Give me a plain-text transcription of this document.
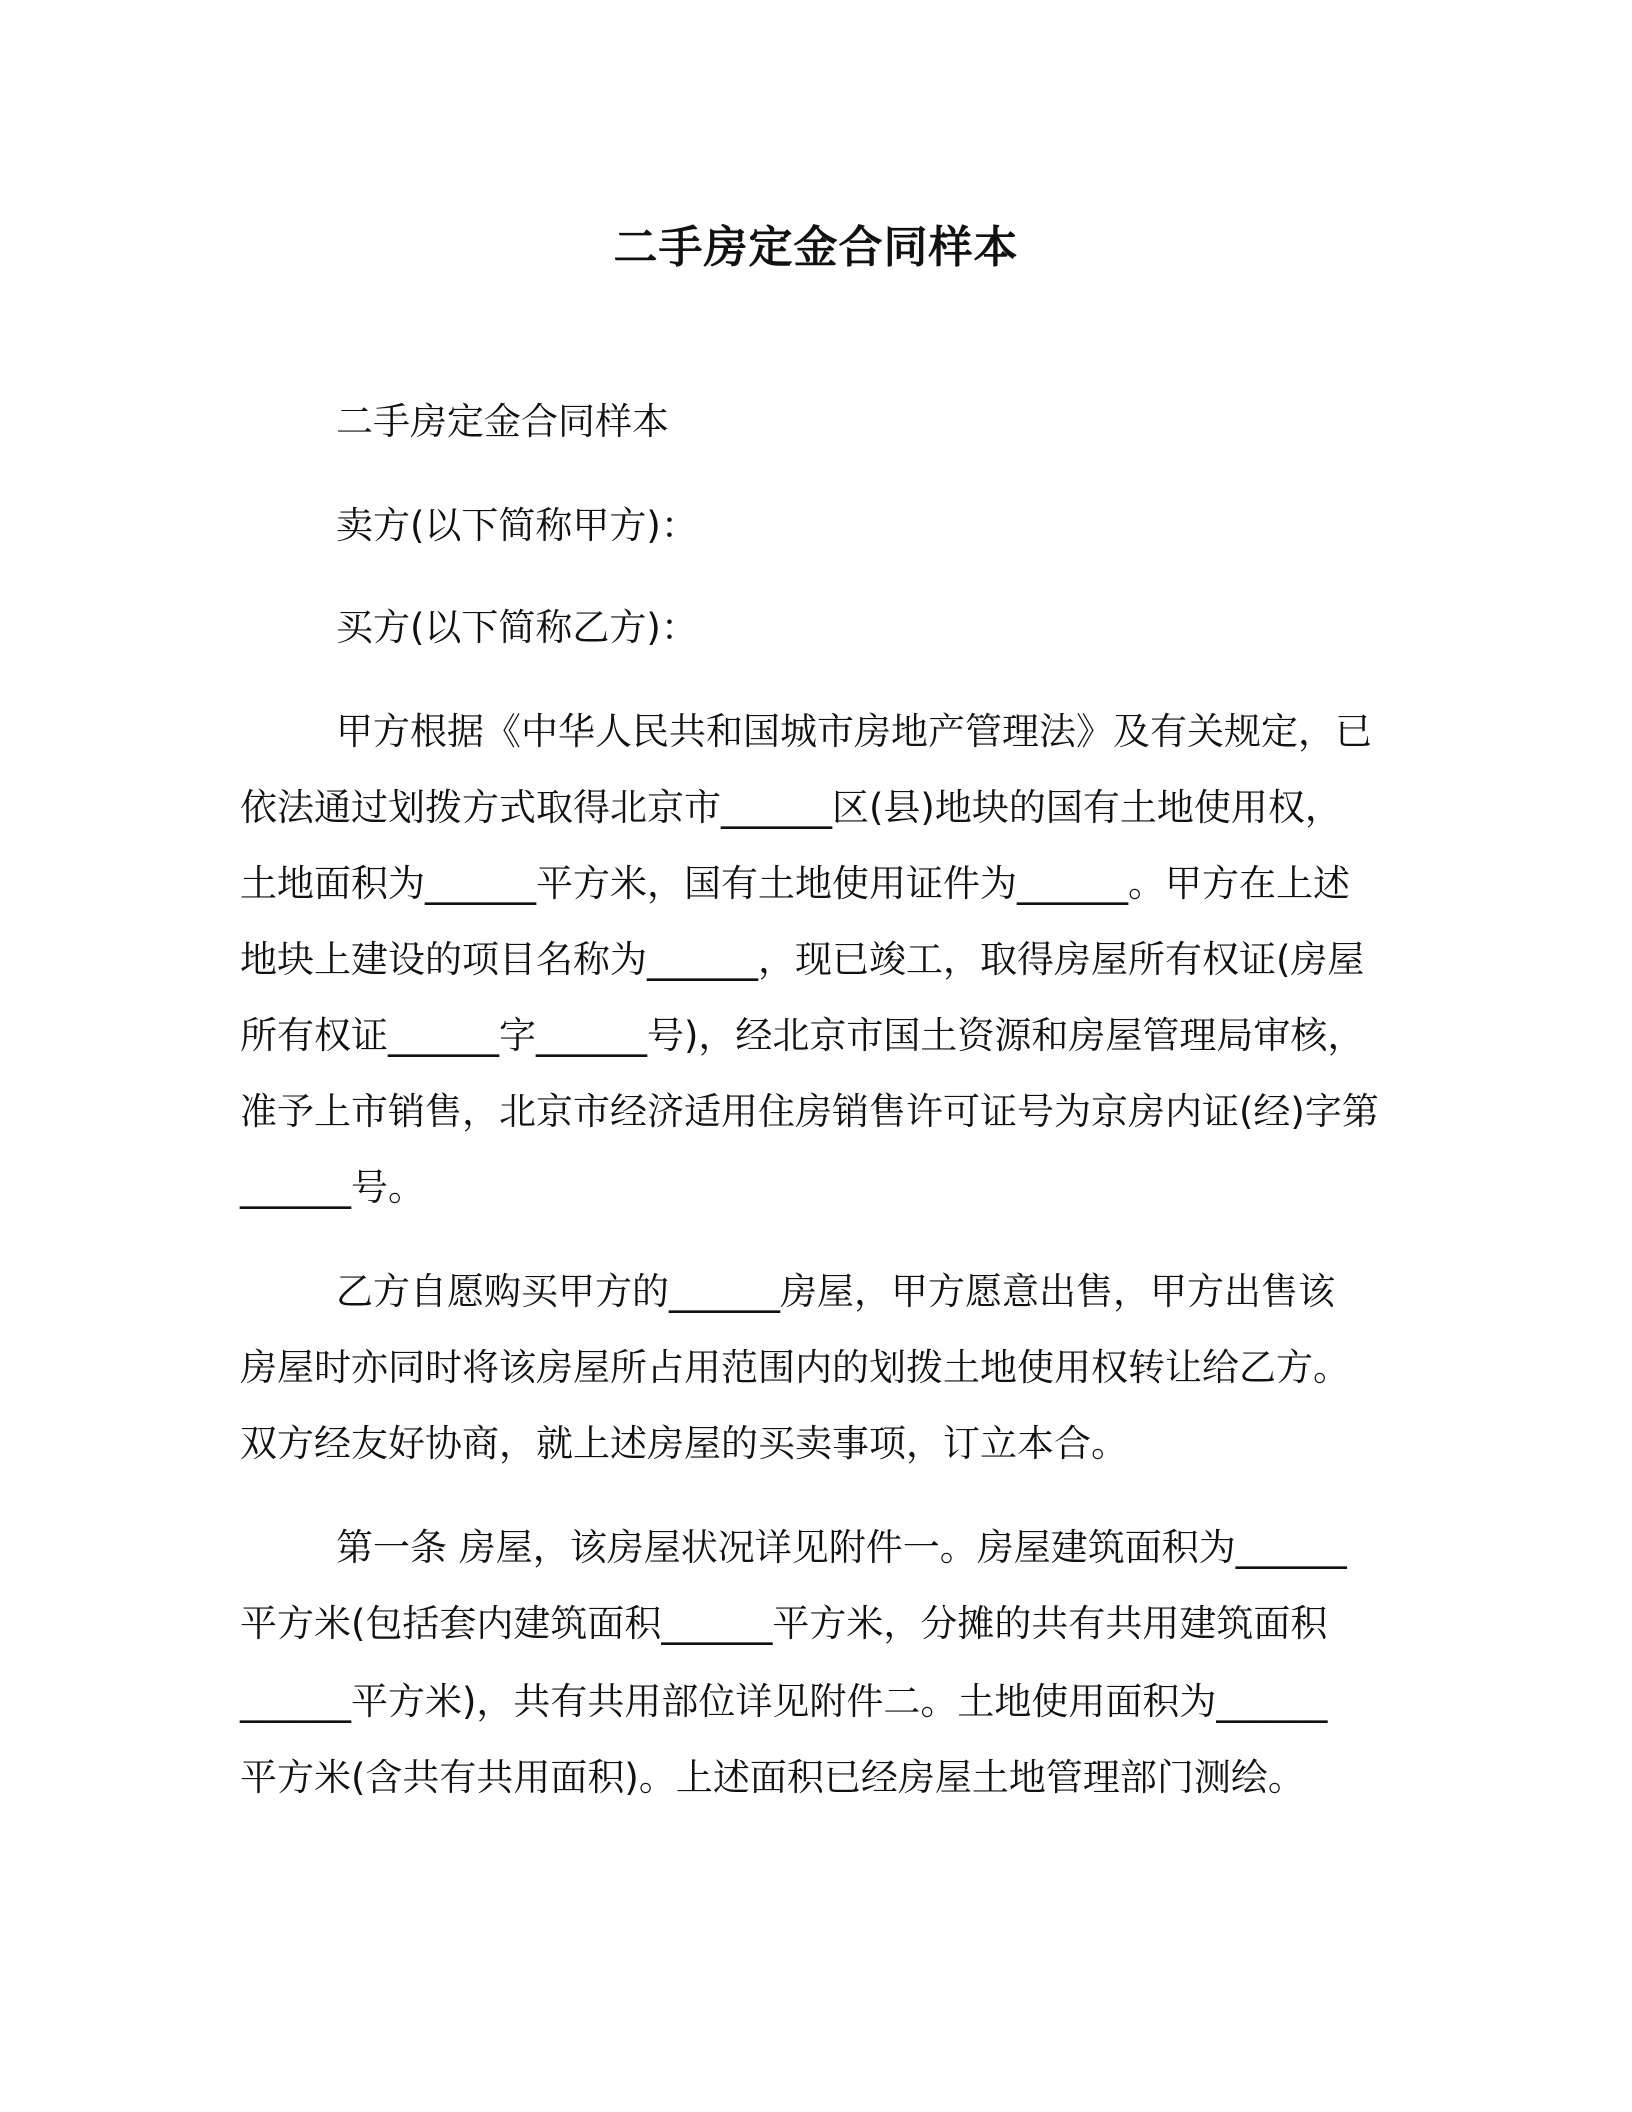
二手房定金合同样本
二手房定金合同样本
卖方(以下简称甲方)：
买方(以下简称乙方)：
甲方根据《中华人民共和国城市房地产管理法》及有关规定，已
依法通过划拨方式取得北京市______区(县)地块的国有土地使用权，
土地面积为______平方米，国有土地使用证件为______。甲方在上述
地块上建设的项目名称为______，现已竣工，取得房屋所有权证(房屋
所有权证______字______号)，经北京市国土资源和房屋管理局审核，
准予上市销售，北京市经济适用住房销售许可证号为京房内证(经)字第
______号。
乙方自愿购买甲方的______房屋，甲方愿意出售，甲方出售该
房屋时亦同时将该房屋所占用范围内的划拨土地使用权转让给乙方。
双方经友好协商，就上述房屋的买卖事项，订立本合。
第一条 房屋，该房屋状况详见附件一。房屋建筑面积为______
平方米(包括套内建筑面积______平方米，分摊的共有共用建筑面积
______平方米)，共有共用部位详见附件二。土地使用面积为______
平方米(含共有共用面积)。上述面积已经房屋土地管理部门测绘。
